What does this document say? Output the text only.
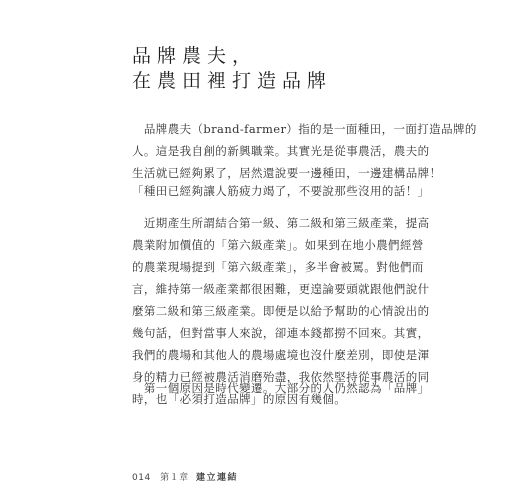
品牌農夫，
在農田裡打造品牌
　品牌農夫（brand-farmer）指的是一面種田，一面打造品牌的
人。這是我自創的新興職業。其實光是從事農活，農夫的
生活就已經夠累了，居然還說要一邊種田，一邊建構品牌！
「種田已經夠讓人筋疲力竭了，不要說那些沒用的話！」
　近期產生所謂結合第一級、第二級和第三級產業，提高
農業附加價值的「第六級產業」。如果到在地小農們經營
的農業現場提到「第六級產業」，多半會被罵。對他們而
言，維持第一級產業都很困難，更遑論要頭就跟他們說什
麼第二級和第三級產業。即便是以給予幫助的心情說出的
幾句話，但對當事人來說，卻連本錢都撈不回來。其實，
我們的農場和其他人的農場處境也沒什麼差別，即使是渾
身的精力已經被農活消磨殆盡，我依然堅持從事農活的同
時，也「必須打造品牌」的原因有幾個。
　第一個原因是時代變遷。大部分的人仍然認為「品牌」
014 第１章 建立連結
